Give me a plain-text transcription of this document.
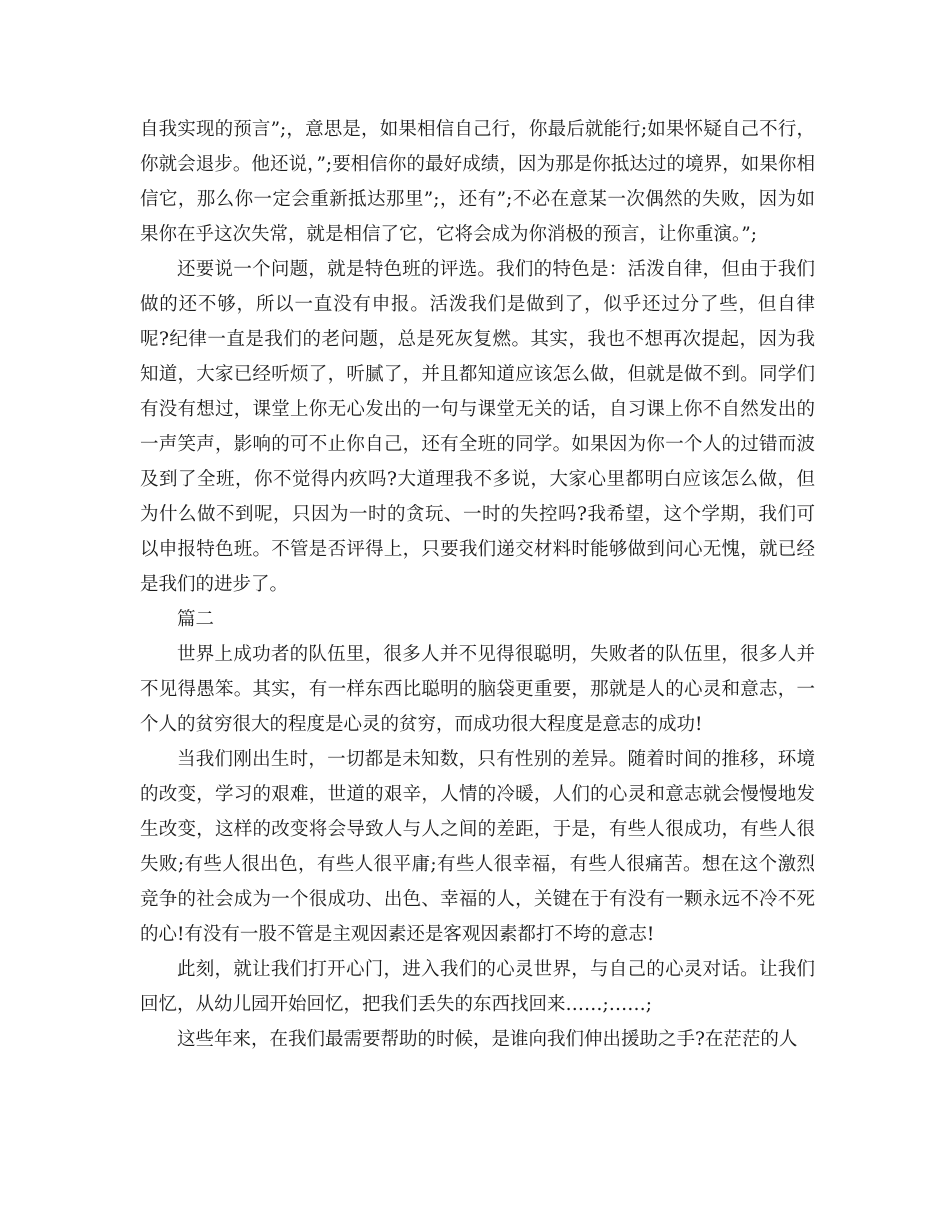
自我实现的预言”;，意思是，如果相信自己行，你最后就能行;如果怀疑自己不行，你就会退步。他还说，”;要相信你的最好成绩，因为那是你抵达过的境界，如果你相信它，那么你一定会重新抵达那里”;，还有”;不必在意某一次偶然的失败，因为如果你在乎这次失常，就是相信了它，它将会成为你消极的预言，让你重演。”;

还要说一个问题，就是特色班的评选。我们的特色是：活泼自律，但由于我们做的还不够，所以一直没有申报。活泼我们是做到了，似乎还过分了些，但自律呢?纪律一直是我们的老问题，总是死灰复燃。其实，我也不想再次提起，因为我知道，大家已经听烦了，听腻了，并且都知道应该怎么做，但就是做不到。同学们有没有想过，课堂上你无心发出的一句与课堂无关的话，自习课上你不自然发出的一声笑声，影响的可不止你自己，还有全班的同学。如果因为你一个人的过错而波及到了全班，你不觉得内疚吗?大道理我不多说，大家心里都明白应该怎么做，但为什么做不到呢，只因为一时的贪玩、一时的失控吗?我希望，这个学期，我们可以申报特色班。不管是否评得上，只要我们递交材料时能够做到问心无愧，就已经是我们的进步了。

篇二

世界上成功者的队伍里，很多人并不见得很聪明，失败者的队伍里，很多人并不见得愚笨。其实，有一样东西比聪明的脑袋更重要，那就是人的心灵和意志，一个人的贫穷很大的程度是心灵的贫穷，而成功很大程度是意志的成功!

当我们刚出生时，一切都是未知数，只有性别的差异。随着时间的推移，环境的改变，学习的艰难，世道的艰辛，人情的冷暖，人们的心灵和意志就会慢慢地发生改变，这样的改变将会导致人与人之间的差距，于是，有些人很成功，有些人很失败;有些人很出色，有些人很平庸;有些人很幸福，有些人很痛苦。想在这个激烈竞争的社会成为一个很成功、出色、幸福的人，关键在于有没有一颗永远不冷不死的心!有没有一股不管是主观因素还是客观因素都打不垮的意志!

此刻，就让我们打开心门，进入我们的心灵世界，与自己的心灵对话。让我们回忆，从幼儿园开始回忆，把我们丢失的东西找回来……;……;

这些年来，在我们最需要帮助的时候，是谁向我们伸出援助之手?在茫茫的人
